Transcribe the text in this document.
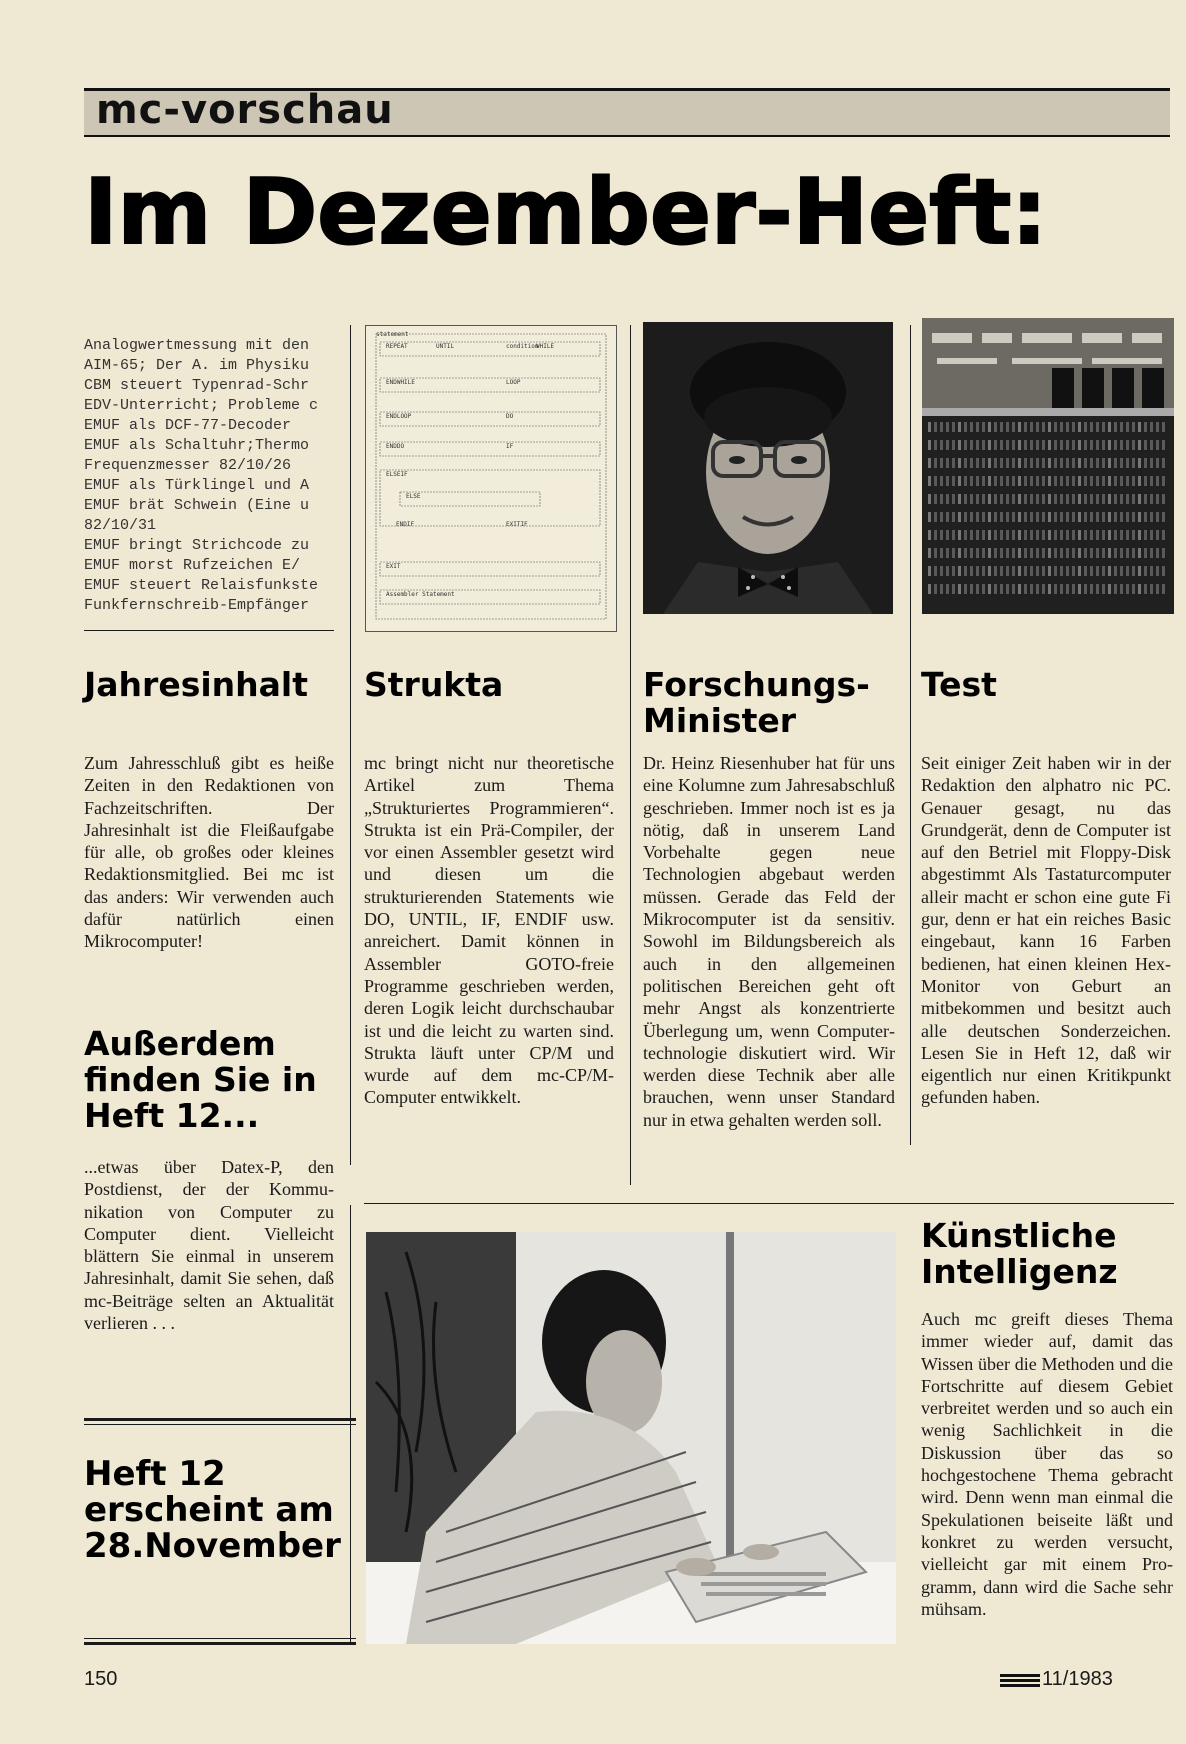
mc-vorschau
Im Dezember-Heft:
Analogwertmessung mit den
AIM-65; Der A. im Physiku
CBM steuert Typenrad-Schr
EDV-Unterricht; Probleme c
EMUF als DCF-77-Decoder
EMUF als Schaltuhr;Thermo
Frequenzmesser 82/10/26
EMUF als Türklingel und A
EMUF brät Schwein (Eine u
82/10/31
EMUF bringt Strichcode zu
EMUF morst Rufzeichen E/
EMUF steuert Relaisfunkstе
Funkfernschreib-Empfänger
statement
REPEAT	UNTIL	condition
WHILE
ENDWHILE	LOOP
ENDLOOP	DO
ENDDO	IF
ELSEIF
ELSE
ENDIF	EXITIF
EXIT
Assembler Statement
Jahresinhalt

Zum Jahresschluß gibt es heiße Zeiten in den Redaktionen von Fachzeitschriften. Der Jahresinhalt ist die Fleißaufgabe für alle, ob großes oder kleines Redaktionsmitglied. Bei mc ist das anders: Wir verwenden auch dafür natürlich einen Mikrocomputer!

Strukta

mc bringt nicht nur theoretische Artikel zum Thema „Strukturiertes Programmieren“. Strukta ist ein Prä-Compiler, der vor einen Assembler gesetzt wird und diesen um die strukturierenden Statements wie DO, UNTIL, IF, ENDIF usw. anreichert. Damit können in Assembler GOTO-freie Programme geschrieben werden, deren Logik leicht durchschaubar ist und die leicht zu warten sind. Strukta läuft unter CP/M und wurde auf dem mc-CP/M-Computer entwikkelt.

Forschungs-Minister

Dr. Heinz Riesenhuber hat für uns eine Kolumne zum Jahresabschluß geschrieben. Immer noch ist es ja nötig, daß in unserem Land Vorbehalte gegen neue Technologien abgebaut werden müssen. Gerade das Feld der Mikrocomputer ist da sensitiv. Sowohl im Bildungsbereich als auch in den allgemeinen politischen Bereichen geht oft mehr Angst als konzentrierte Überlegung um, wenn Computertechnologie diskutiert wird. Wir werden diese Technik aber alle brauchen, wenn unser Standard nur in etwa gehalten werden soll.

Test

Seit einiger Zeit haben wir in der Redaktion den alphatro nic PC. Genauer gesagt, nu das Grundgerät, denn de Computer ist auf den Betriel mit Floppy-Disk abgestimmt Als Tastaturcomputer alleir macht er schon eine gute Fi gur, denn er hat ein reiches Basic eingebaut, kann 16 Farben bedienen, hat einen kleinen Hex-Monitor von Geburt an mitbekommen und besitzt auch alle deutschen Sonderzeichen. Lesen Sie in Heft 12, daß wir eigentlich nur einen Kritikpunkt gefunden haben.

Außerdem finden Sie in Heft 12...

...etwas über Datex-P, den Postdienst, der der Kommunikation von Computer zu Computer dient. Vielleicht blättern Sie einmal in unserem Jahresinhalt, damit Sie sehen, daß mc-Beiträge selten an Aktualität verlieren . . .

Heft 12 erscheint am 28.November
Künstliche Intelligenz

Auch mc greift dieses Thema immer wieder auf, damit das Wissen über die Methoden und die Fortschritte auf diesem Gebiet verbreitet werden und so auch ein wenig Sachlichkeit in die Diskussion über das so hochgestochene Thema gebracht wird. Denn wenn man einmal die Spekulationen beiseite läßt und konkret zu werden versucht, vielleicht gar mit einem Programm, dann wird die Sache sehr mühsam.

150	11/1983
